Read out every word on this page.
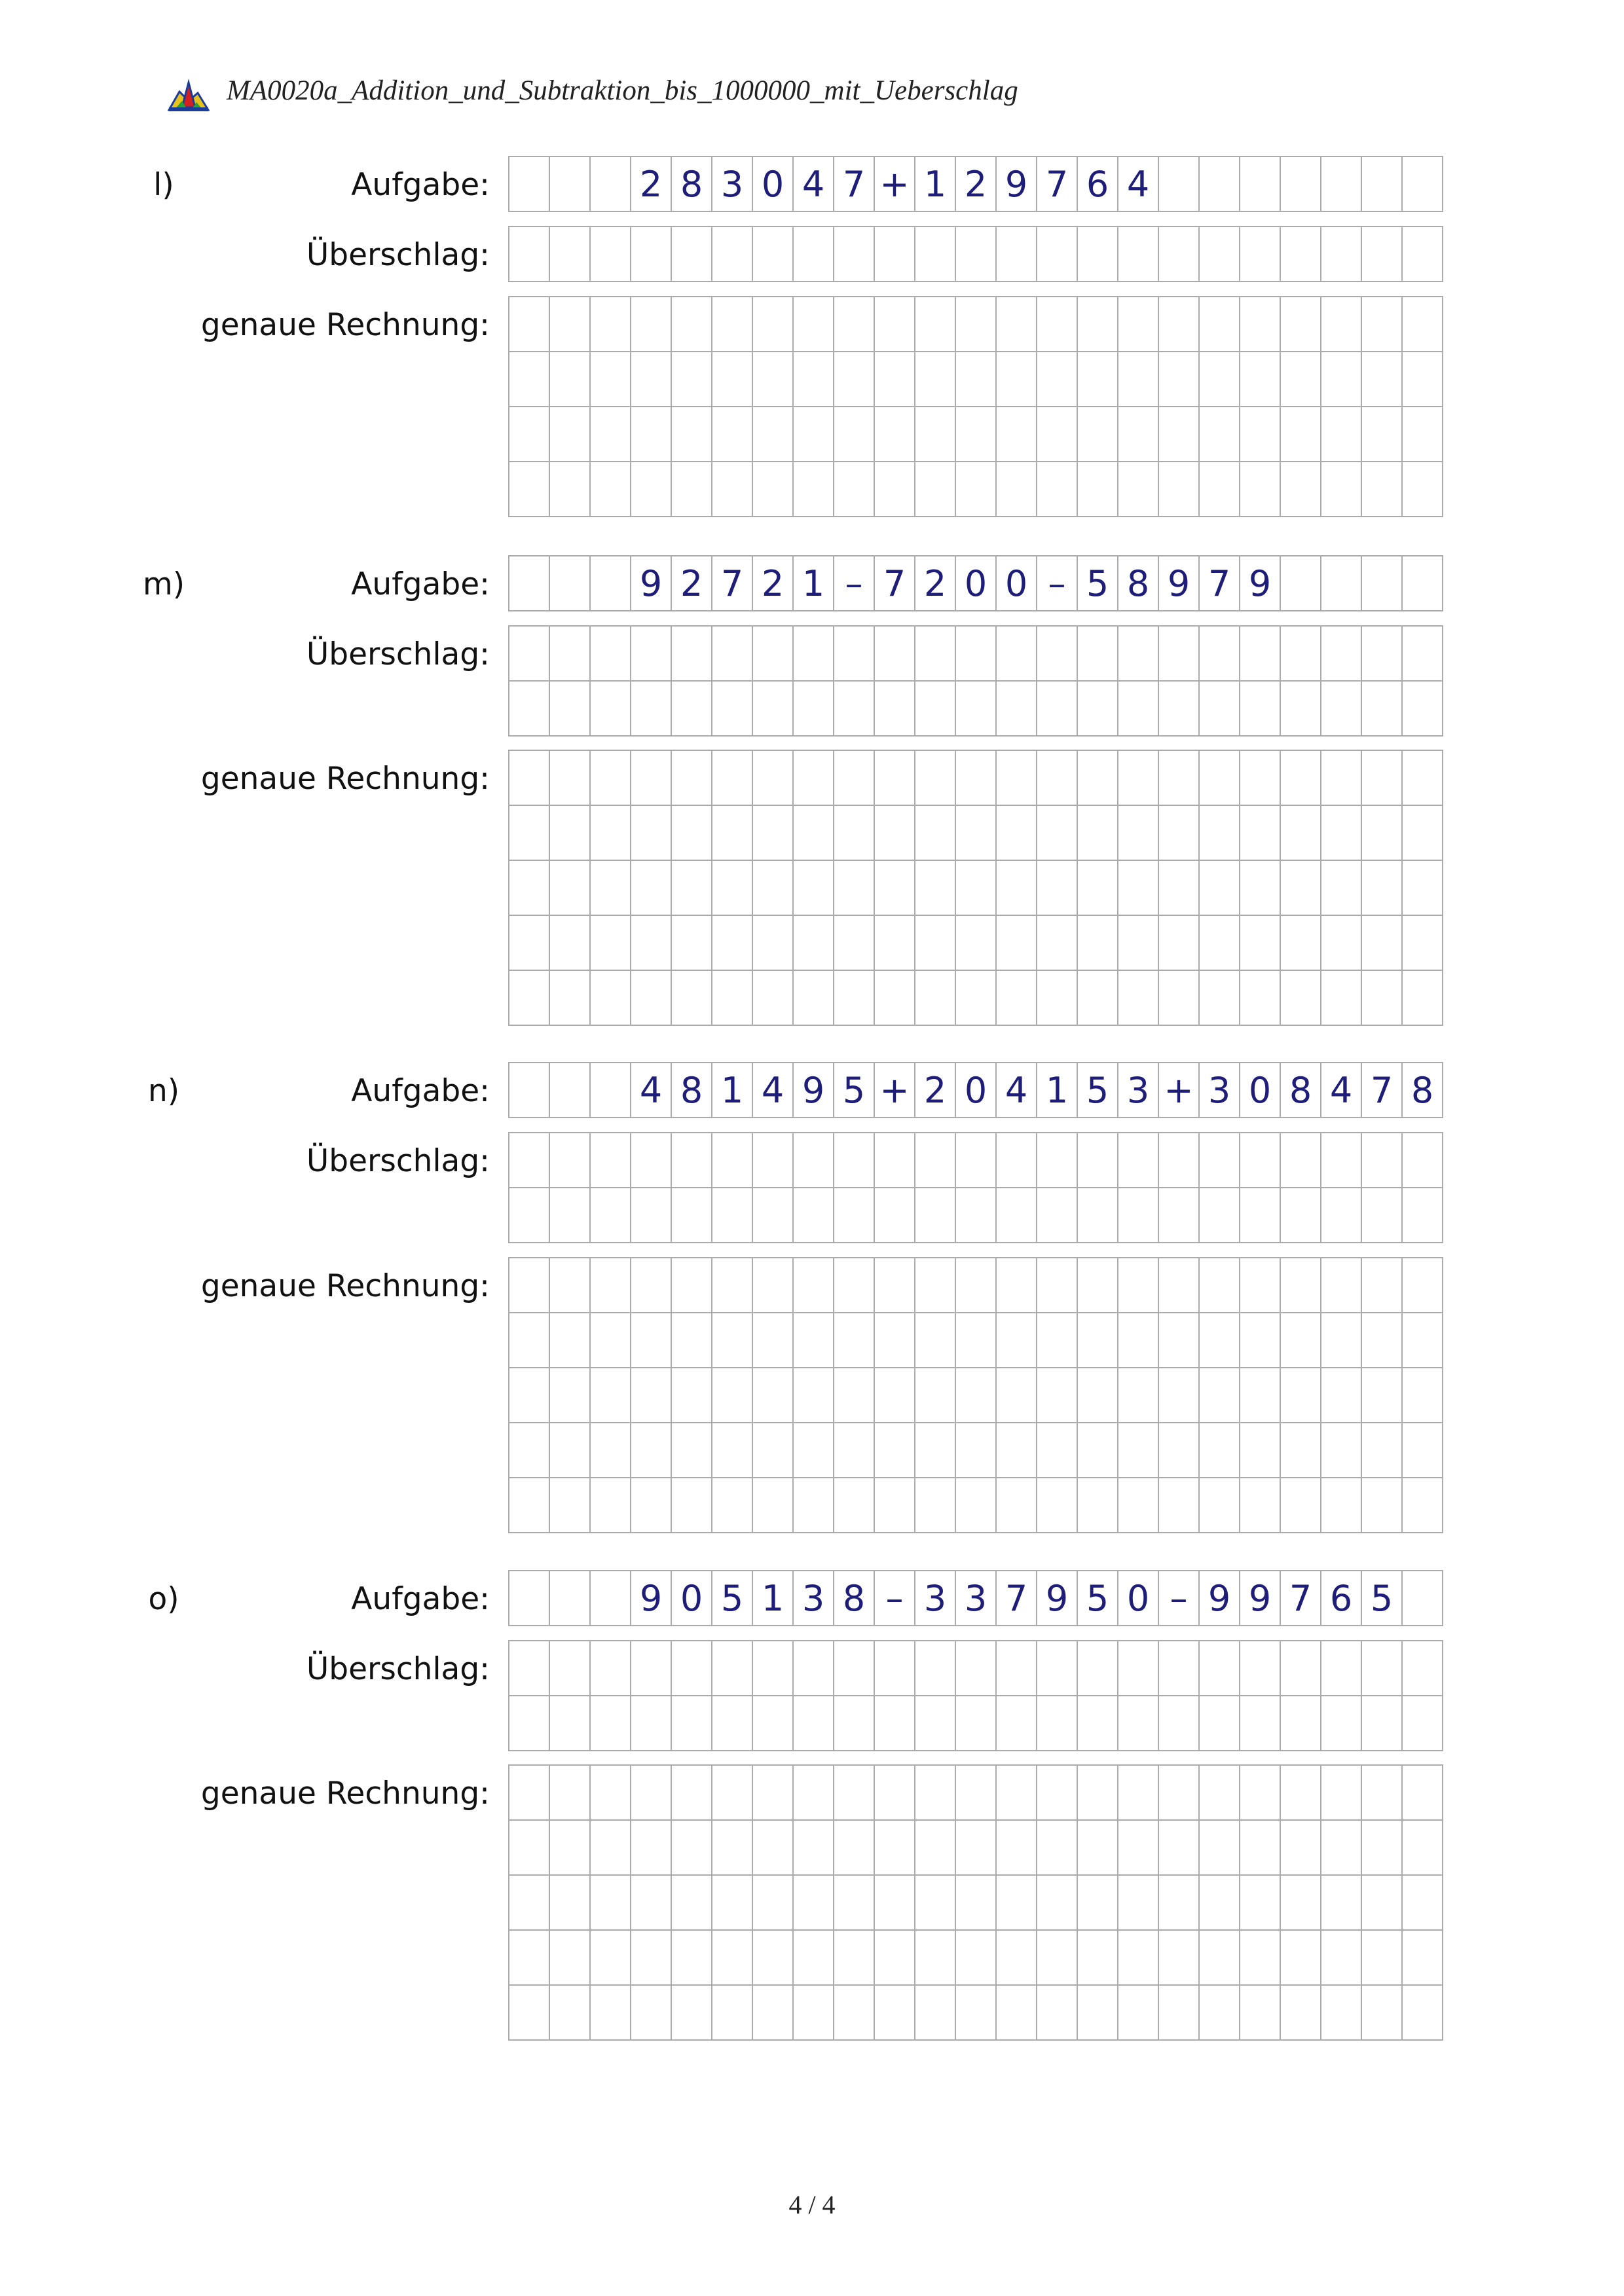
MA0020a_Addition_und_Subtraktion_bis_1000000_mit_Ueberschlag
l)	Aufgabe:
Überschlag:
genaue Rechnung:
2 8 3 0 4 7 + 1 2 9 7 6 4
m)	Aufgabe:
Überschlag:
genaue Rechnung:
9 2 7 2 1 – 7 2 0 0 – 5 8 9 7 9
n)	Aufgabe:
Überschlag:
genaue Rechnung:
4 8 1 4 9 5 + 2 0 4 1 5 3 + 3 0 8 4 7 8
o)	Aufgabe:
Überschlag:
genaue Rechnung:
9 0 5 1 3 8 – 3 3 7 9 5 0 – 9 9 7 6 5
4 / 4
